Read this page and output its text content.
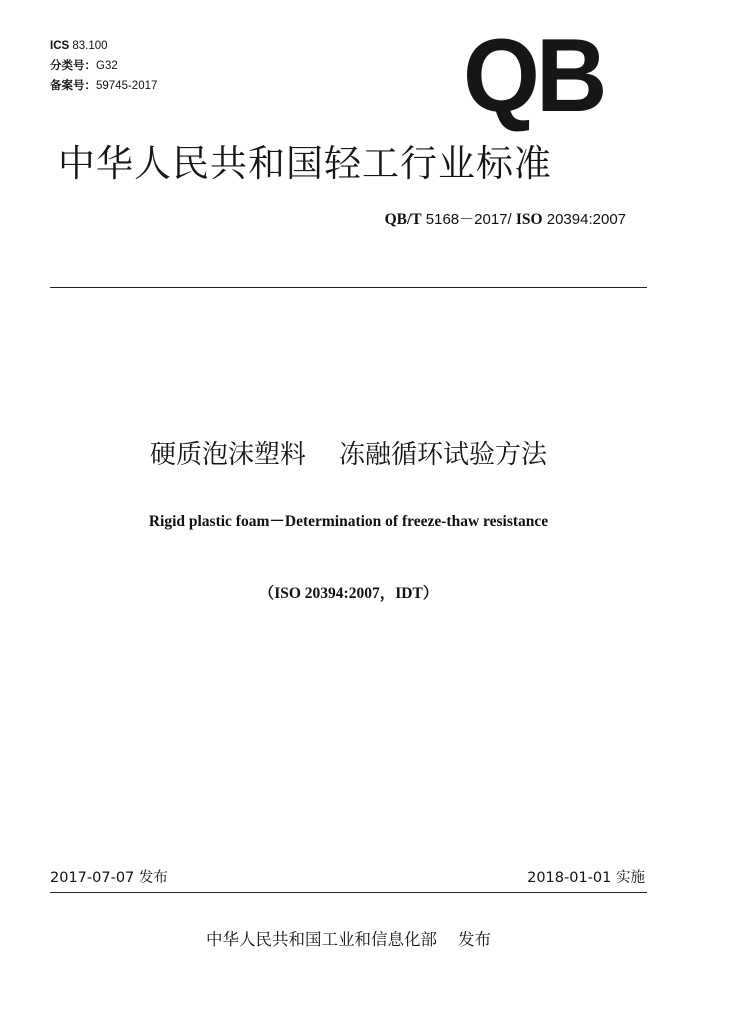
ICS 83.100
分类号：G32
备案号：59745-2017	QB
中华人民共和国轻工行业标准
QB/T 5168－2017/ ISO 20394:2007
硬质泡沫塑料    冻融循环试验方法
Rigid plastic foam－Determination of freeze-thaw resistance
（ISO 20394:2007，IDT）
2017-07-07 发布	2018-01-01 实施
中华人民共和国工业和信息化部    发布
